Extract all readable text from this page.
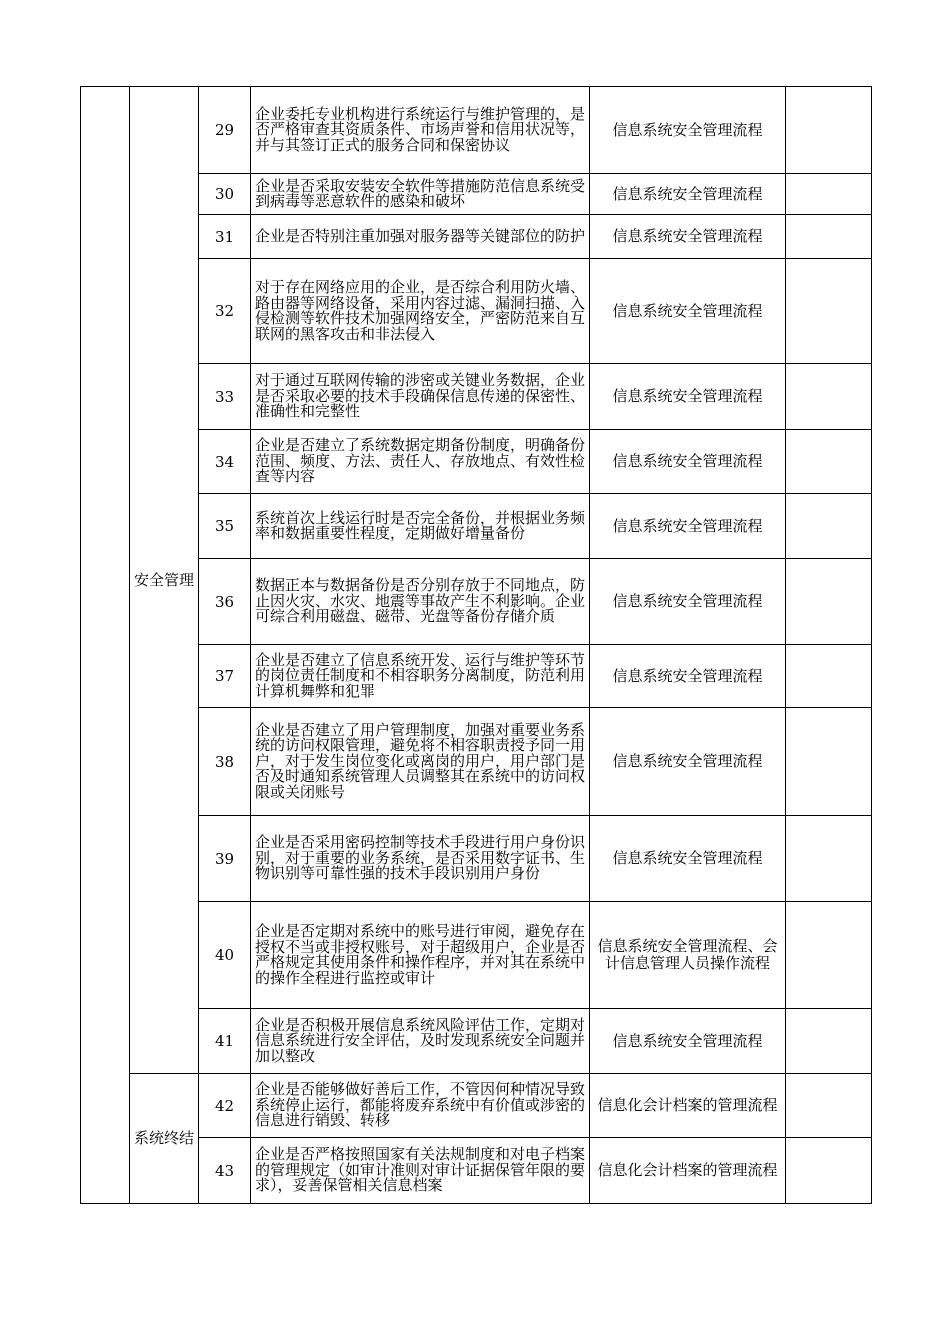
	安全管理	29	企业委托专业机构进行系统运行与维护管理的，是否严格审查其资质条件、市场声誉和信用状况等，并与其签订正式的服务合同和保密协议	信息系统安全管理流程	
		30	企业是否采取安装安全软件等措施防范信息系统受到病毒等恶意软件的感染和破坏	信息系统安全管理流程	
		31	企业是否特别注重加强对服务器等关键部位的防护	信息系统安全管理流程	
		32	对于存在网络应用的企业，是否综合利用防火墙、路由器等网络设备，采用内容过滤、漏洞扫描、入侵检测等软件技术加强网络安全，严密防范来自互联网的黑客攻击和非法侵入	信息系统安全管理流程	
		33	对于通过互联网传输的涉密或关键业务数据，企业是否采取必要的技术手段确保信息传递的保密性、准确性和完整性	信息系统安全管理流程	
		34	企业是否建立了系统数据定期备份制度，明确备份范围、频度、方法、责任人、存放地点、有效性检查等内容	信息系统安全管理流程	
		35	系统首次上线运行时是否完全备份，并根据业务频率和数据重要性程度，定期做好增量备份	信息系统安全管理流程	
		36	数据正本与数据备份是否分别存放于不同地点，防止因火灾、水灾、地震等事故产生不利影响。企业可综合利用磁盘、磁带、光盘等备份存储介质	信息系统安全管理流程	
		37	企业是否建立了信息系统开发、运行与维护等环节的岗位责任制度和不相容职务分离制度，防范利用计算机舞弊和犯罪	信息系统安全管理流程	
		38	企业是否建立了用户管理制度，加强对重要业务系统的访问权限管理，避免将不相容职责授予同一用户，对于发生岗位变化或离岗的用户，用户部门是否及时通知系统管理人员调整其在系统中的访问权限或关闭账号	信息系统安全管理流程	
		39	企业是否采用密码控制等技术手段进行用户身份识别，对于重要的业务系统，是否采用数字证书、生物识别等可靠性强的技术手段识别用户身份	信息系统安全管理流程	
		40	企业是否定期对系统中的账号进行审阅，避免存在授权不当或非授权账号，对于超级用户，企业是否严格规定其使用条件和操作程序，并对其在系统中的操作全程进行监控或审计	信息系统安全管理流程、会计信息管理人员操作流程	
		41	企业是否积极开展信息系统风险评估工作，定期对信息系统进行安全评估，及时发现系统安全问题并加以整改	信息系统安全管理流程	
	系统终结	42	企业是否能够做好善后工作，不管因何种情况导致系统停止运行，都能将废弃系统中有价值或涉密的信息进行销毁、转移	信息化会计档案的管理流程	
		43	企业是否严格按照国家有关法规制度和对电子档案的管理规定（如审计准则对审计证据保管年限的要求），妥善保管相关信息档案	信息化会计档案的管理流程	
